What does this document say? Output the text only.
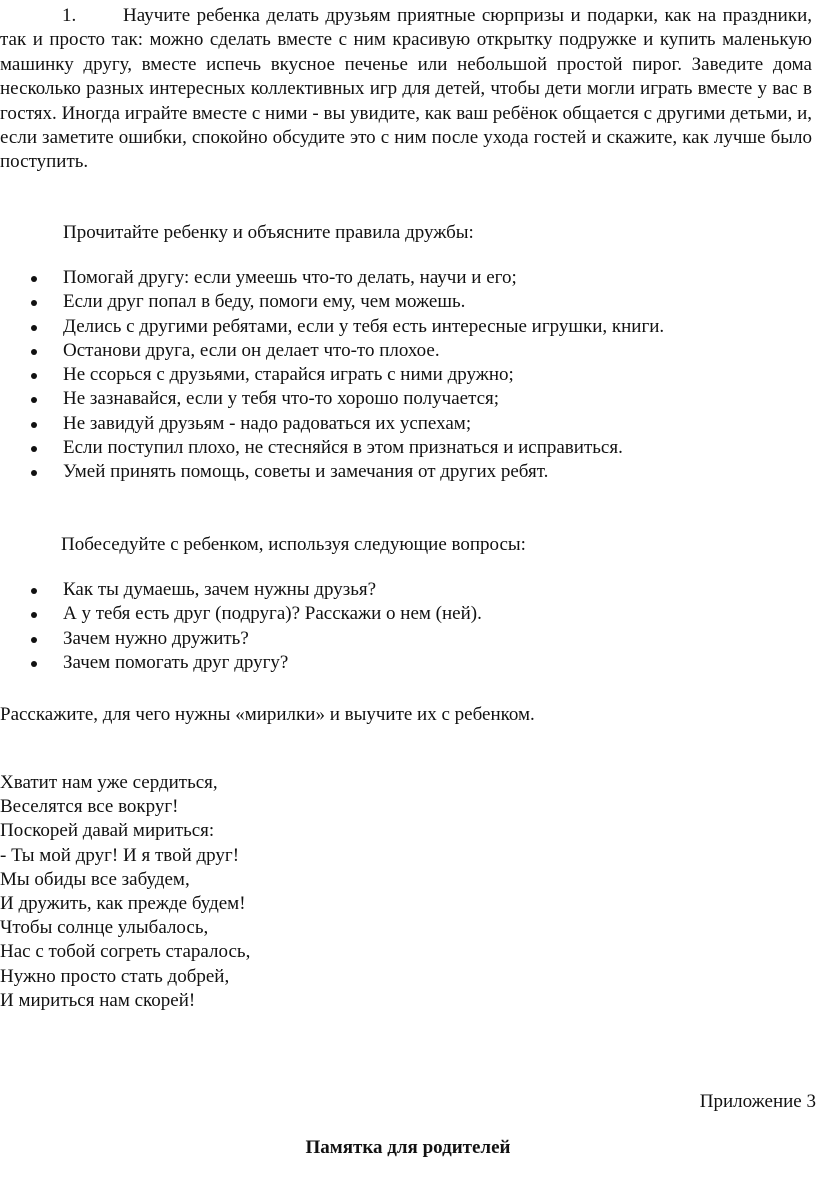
1.	Научите ребенка делать друзьям приятные сюрпризы и подарки, как на праздники, так и просто так: можно сделать вместе с ним красивую открытку подружке и купить маленькую машинку другу, вместе испечь вкусное печенье или небольшой простой пирог. Заведите дома несколько разных интересных коллективных игр для детей, чтобы дети могли играть вместе у вас в гостях. Иногда играйте вместе с ними - вы увидите, как ваш ребёнок общается с другими детьми, и, если заметите ошибки, спокойно обсудите это с ним после ухода гостей и скажите, как лучше было поступить.

Прочитайте ребенку и объясните правила дружбы:
Помогай другу: если умеешь что-то делать, научи и его;
Если друг попал в беду, помоги ему, чем можешь.
Делись с другими ребятами, если у тебя есть интересные игрушки, книги.
Останови друга, если он делает что-то плохое.
Не ссорься с друзьями, старайся играть с ними дружно;
Не зазнавайся, если у тебя что-то хорошо получается;
Не завидуй друзьям - надо радоваться их успехам;
Если поступил плохо, не стесняйся в этом признаться и исправиться.
Умей принять помощь, советы и замечания от других ребят.
Побеседуйте с ребенком, используя следующие вопросы:
Как ты думаешь, зачем нужны друзья?
А у тебя есть друг (подруга)? Расскажи о нем (ней).
Зачем нужно дружить?
Зачем помогать друг другу?
Расскажите, для чего нужны «мирилки» и выучите их с ребенком.
Хватит нам уже сердиться,
Веселятся все вокруг!
Поскорей давай мириться:
- Ты мой друг! И я твой друг!
Мы обиды все забудем,
И дружить, как прежде будем!
Чтобы солнце улыбалось,
Нас с тобой согреть старалось,
Нужно просто стать добрей,
И мириться нам скорей!
Приложение 3
Памятка для родителей
